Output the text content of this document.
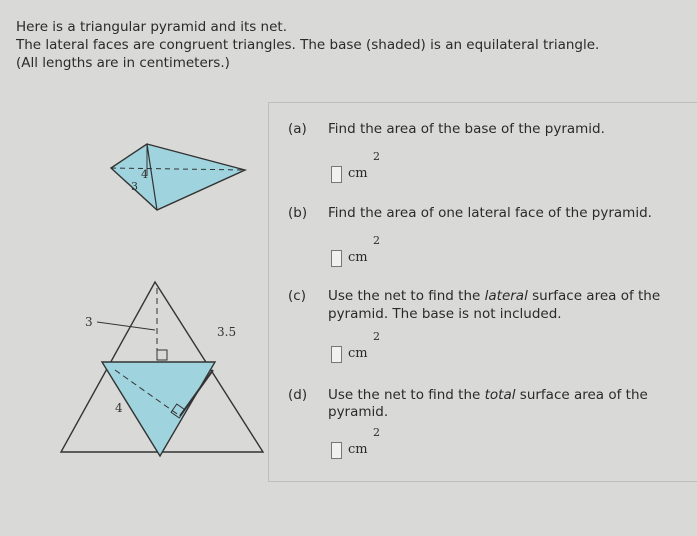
Here is a triangular pyramid and its net.
The lateral faces are congruent triangles. The base (shaded) is an equilateral triangle.
(All lengths are in centimeters.)
4
3
3
3.5
4
(a) Find the area of the base of the pyramid.
cm
2
(b) Find the area of one lateral face of the pyramid.
cm
2
(c) Use the net to find the lateral surface area of the
pyramid. The base is not included.
cm
2
(d) Use the net to find the total surface area of the
pyramid.
cm
2
